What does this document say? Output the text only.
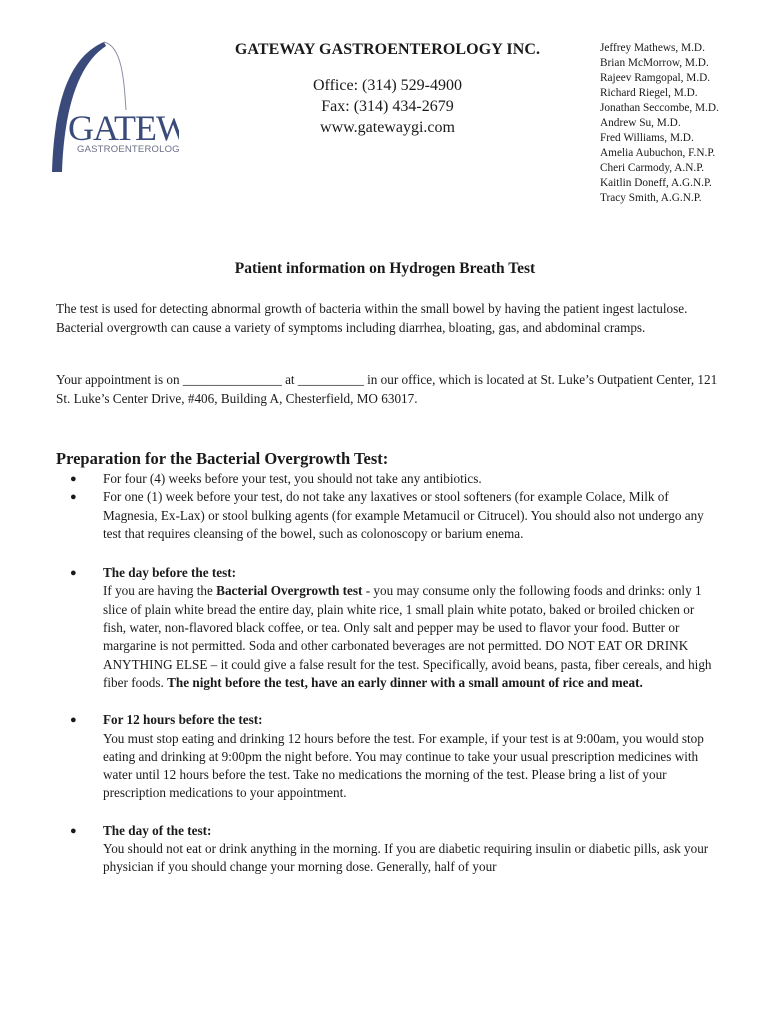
GATEW
GASTROENTEROLOGY
GATEWAY GASTROENTEROLOGY INC.
Office: (314) 529-4900
Fax: (314) 434-2679
www.gatewaygi.com
Jeffrey Mathews, M.D.
Brian McMorrow, M.D.
Rajeev Ramgopal, M.D.
Richard Riegel, M.D.
Jonathan Seccombe, M.D.
Andrew Su, M.D.
Fred Williams, M.D.
Amelia Aubuchon, F.N.P.
Cheri Carmody, A.N.P.
Kaitlin Doneff, A.G.N.P.
Tracy Smith, A.G.N.P.
Patient information on Hydrogen Breath Test
The test is used for detecting abnormal growth of bacteria within the small bowel by having the patient ingest lactulose. Bacterial overgrowth can cause a variety of symptoms including diarrhea, bloating, gas, and abdominal cramps.
Your appointment is on _______________ at __________ in our office, which is located at St. Luke’s Outpatient Center, 121 St. Luke’s Center Drive, #406, Building A, Chesterfield, MO 63017.
Preparation for the Bacterial Overgrowth Test:
● For four (4) weeks before your test, you should not take any antibiotics.
● For one (1) week before your test, do not take any laxatives or stool softeners (for example Colace, Milk of Magnesia, Ex-Lax) or stool bulking agents (for example Metamucil or Citrucel). You should also not undergo any test that requires cleansing of the bowel, such as colonoscopy or barium enema.
● The day before the test:
If you are having the Bacterial Overgrowth test - you may consume only the following foods and drinks: only 1 slice of plain white bread the entire day, plain white rice, 1 small plain white potato, baked or broiled chicken or fish, water, non-flavored black coffee, or tea. Only salt and pepper may be used to flavor your food. Butter or margarine is not permitted. Soda and other carbonated beverages are not permitted. DO NOT EAT OR DRINK ANYTHING ELSE – it could give a false result for the test. Specifically, avoid beans, pasta, fiber cereals, and high fiber foods. The night before the test, have an early dinner with a small amount of rice and meat.
● For 12 hours before the test:
You must stop eating and drinking 12 hours before the test. For example, if your test is at 9:00am, you would stop eating and drinking at 9:00pm the night before. You may continue to take your usual prescription medicines with water until 12 hours before the test. Take no medications the morning of the test. Please bring a list of your prescription medications to your appointment.
● The day of the test:
You should not eat or drink anything in the morning. If you are diabetic requiring insulin or diabetic pills, ask your physician if you should change your morning dose. Generally, half of your
